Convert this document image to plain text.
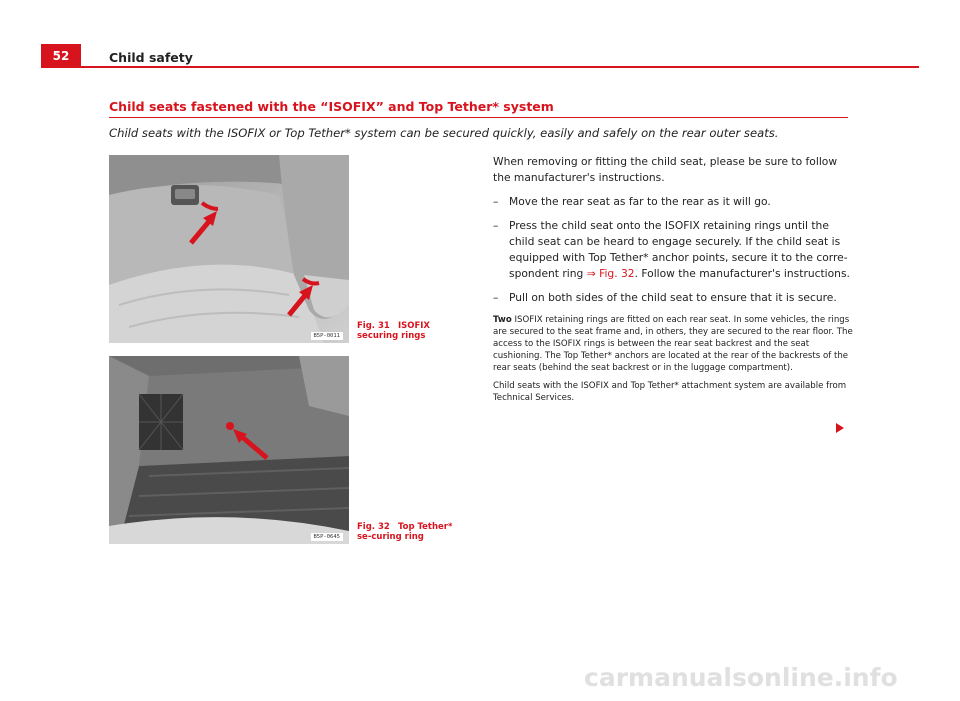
52	Child safety
Child seats fastened with the “ISOFIX” and Top Tether* system
Child seats with the ISOFIX or Top Tether* system can be secured quickly, easily and safely on the rear outer seats.
B5P-0011
Fig. 31 ISOFIX securing rings
B5P-0645
Fig. 32 Top Tether* se-curing ring

When removing or fitting the child seat, please be sure to follow the manufacturer's instructions.

– Move the rear seat as far to the rear as it will go.
– Press the child seat onto the ISOFIX retaining rings until the child seat can be heard to engage securely. If the child seat is equipped with Top Tether* anchor points, secure it to the corre-spondent ring ⇒ Fig. 32. Follow the manufacturer's instructions.
– Pull on both sides of the child seat to ensure that it is secure.

Two ISOFIX retaining rings are fitted on each rear seat. In some vehicles, the rings are secured to the seat frame and, in others, they are secured to the rear floor. The access to the ISOFIX rings is between the rear seat backrest and the seat cushioning. The Top Tether* anchors are located at the rear of the backrests of the rear seats (behind the seat backrest or in the luggage compartment).

Child seats with the ISOFIX and Top Tether* attachment system are available from Technical Services.

carmanualsonline.info
